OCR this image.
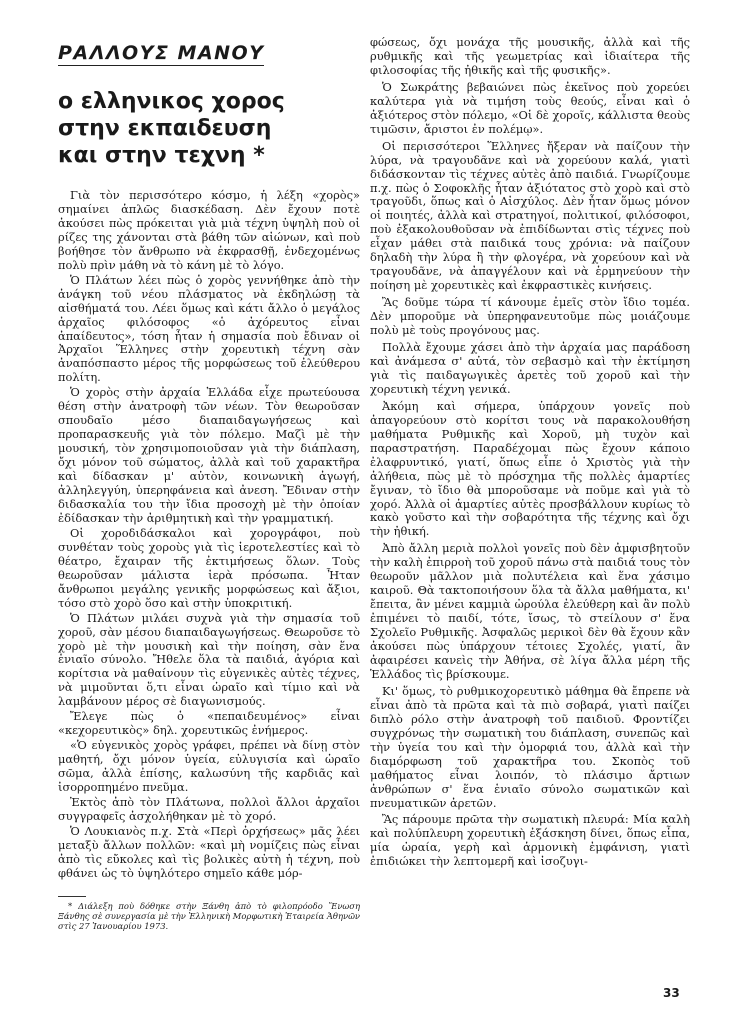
ΡΑΛΛΟΥΣ ΜΑΝΟΥ
ο ελληνικος χορος
στην εκπαιδευση
και στην τεχνη *

Γιὰ τὸν περισσότερο κόσμο, ἡ λέξη «χορὸς» σημαίνει ἁπλῶς διασκέδαση. Δὲν ἔχουν ποτὲ ἀκούσει πὼς πρόκειται γιὰ μιὰ τέχνη ὑψηλὴ ποὺ οἱ ρίζες της χάνονται στὰ βάθη τῶν αἰώνων, καὶ ποὺ βοήθησε τὸν ἄνθρωπο νὰ ἐκφρασθῇ, ἐνδεχομένως πολὺ πρὶν μάθη νὰ τὸ κάνη μὲ τὸ λόγο.

Ὁ Πλάτων λέει πὼς ὁ χορὸς γεννήθηκε ἀπὸ τὴν ἀνάγκη τοῦ νέου πλάσματος νὰ ἐκδηλώσῃ τὰ αἰσθήματά του. Λέει ὅμως καὶ κάτι ἄλλο ὁ μεγάλος ἀρχαῖος φιλόσοφος «ὁ ἀχόρευτος εἶναι ἀπαίδευτος», τόση ἦταν ἡ σημασία ποὺ ἔδιναν οἱ Ἀρχαῖοι Ἕλληνες στὴν χορευτικὴ τέχνη σὰν ἀναπόσπαστο μέρος τῆς μορφώσεως τοῦ ἐλεύθερου πολίτη.

Ὁ χορὸς στὴν ἀρχαία Ἑλλάδα εἶχε πρωτεύουσα θέση στὴν ἀνατροφὴ τῶν νέων. Τὸν θεωροῦσαν σπουδαῖο μέσο διαπαιδαγωγήσεως καὶ προπαρασκευῆς γιὰ τὸν πόλεμο. Μαζὶ μὲ τὴν μουσική, τὸν χρησιμοποιοῦσαν γιὰ τὴν διάπλαση, ὄχι μόνον τοῦ σώματος, ἀλλὰ καὶ τοῦ χαρακτῆρα καὶ δίδασκαν μ' αὐτὸν, κοινωνικὴ ἀγωγή, ἀλληλεγγύη, ὑπερηφάνεια καὶ ἀνεση. Ἔδιναν στὴν διδασκαλία του τὴν ἴδια προσοχὴ μὲ τὴν ὁποίαν ἐδίδασκαν τὴν ἀριθμητικὴ καὶ τὴν γραμματική.

Οἱ χοροδιδάσκαλοι καὶ χορογράφοι, ποὺ συνθέταν τοὺς χοροὺς γιὰ τὶς ἱεροτελεστίες καὶ τὸ θέατρο, ἔχαιραν τῆς ἐκτιμήσεως ὅλων. Τοὺς θεωροῦσαν μάλιστα ἱερὰ πρόσωπα. Ἦταν ἄνθρωποι μεγάλης γενικῆς μορφώσεως καὶ ἄξιοι, τόσο στὸ χορὸ ὅσο καὶ στὴν ὑποκριτική.

Ὁ Πλάτων μιλάει συχνὰ γιὰ τὴν σημασία τοῦ χοροῦ, σὰν μέσου διαπαιδαγωγήσεως. Θεωροῦσε τὸ χορὸ μὲ τὴν μουσικὴ καὶ τὴν ποίηση, σὰν ἕνα ἑνιαῖο σύνολο. Ἤθελε ὅλα τὰ παιδιά, ἀγόρια καὶ κορίτσια νὰ μαθαίνουν τὶς εὐγενικὲς αὐτὲς τέχνες, νὰ μιμοῦνται ὅ,τι εἶναι ὡραῖο καὶ τίμιο καὶ νὰ λαμβάνουν μέρος σὲ διαγωνισμούς.

Ἔλεγε πὼς ὁ «πεπαιδευμένος» εἶναι «κεχορευτικὸς» δηλ. χορευτικῶς ἐνήμερος.

«Ὁ εὐγενικὸς χορὸς γράφει, πρέπει νὰ δίνῃ στὸν μαθητή, ὄχι μόνον ὑγεία, εὐλυγισία καὶ ὡραῖο σῶμα, ἀλλὰ ἐπίσης, καλωσύνη τῆς καρδιᾶς καὶ ἰσορροπημένο πνεῦμα.

Ἐκτὸς ἀπὸ τὸν Πλάτωνα, πολλοὶ ἄλλοι ἀρχαῖοι συγγραφεῖς ἀσχολήθηκαν μὲ τὸ χορό.

Ὁ Λουκιανὸς π.χ. Στὰ «Περὶ ὀρχήσεως» μᾶς λέει μεταξὺ ἄλλων πολλῶν: «καὶ μὴ νομίζεις πὼς εἶναι ἀπὸ τὶς εὔκολες καὶ τὶς βολικὲς αὐτὴ ἡ τέχνη, ποὺ φθάνει ὡς τὸ ὑψηλότερο σημεῖο κάθε μόρ-

* Διάλεξη ποὺ δόθηκε στὴν Ξάνθη ἀπὸ τὸ φιλοπρόοδο Ἕνωση Ξάνθης σὲ συνεργασία μὲ τὴν Ἑλληνικὴ Μορφωτικὴ Ἑταιρεία Ἀθηνῶν στὶς 27 Ἰανουαρίου 1973.

φώσεως, ὄχι μονάχα τῆς μουσικῆς, ἀλλὰ καὶ τῆς ρυθμικῆς καὶ τῆς γεωμετρίας καὶ ἰδιαίτερα τῆς φιλοσοφίας τῆς ἠθικῆς καὶ τῆς φυσικῆς».

Ὁ Σωκράτης βεβαιώνει πὼς ἐκεῖνος ποὺ χορεύει καλύτερα γιὰ νὰ τιμήση τοὺς θεούς, εἶναι καὶ ὁ ἀξιότερος στὸν πόλεμο, «Οἱ δὲ χοροῖς, κάλλιστα θεοὺς τιμῶσιν, ἄριστοι ἐν πολέμῳ».

Οἱ περισσότεροι Ἕλληνες ἤξεραν νὰ παίζουν τὴν λύρα, νὰ τραγουδᾶνε καὶ νὰ χορεύουν καλά, γιατὶ διδάσκονταν τὶς τέχνες αὐτὲς ἀπὸ παιδιά. Γνωρίζουμε π.χ. πὼς ὁ Σοφοκλῆς ἦταν ἀξιότατος στὸ χορὸ καὶ στὸ τραγοῦδι, ὅπως καὶ ὁ Αἰσχύλος. Δὲν ἦταν ὅμως μόνον οἱ ποιητές, ἀλλὰ καὶ στρατηγοί, πολιτικοί, φιλόσοφοι, ποὺ ἐξακολουθοῦσαν νὰ ἐπιδίδωνται στὶς τέχνες ποὺ εἶχαν μάθει στὰ παιδικά τους χρόνια: νὰ παίζουν δηλαδὴ τὴν λύρα ἢ τὴν φλογέρα, νὰ χορεύουν καὶ νὰ τραγουδᾶνε, νὰ ἀπαγγέλουν καὶ νὰ ἑρμηνεύουν τὴν ποίηση μὲ χορευτικὲς καὶ ἐκφραστικὲς κινήσεις.

Ἂς δοῦμε τώρα τί κάνουμε ἐμεῖς στὸν ἴδιο τομέα. Δὲν μποροῦμε νὰ ὑπερηφανευτοῦμε πὼς μοιάζουμε πολὺ μὲ τοὺς προγόνους μας.

Πολλὰ ἔχουμε χάσει ἀπὸ τὴν ἀρχαία μας παράδοση καὶ ἀνάμεσα σ' αὐτά, τὸν σεβασμὸ καὶ τὴν ἐκτίμηση γιὰ τὶς παιδαγωγικὲς ἀρετὲς τοῦ χοροῦ καὶ τὴν χορευτικὴ τέχνη γενικά.

Ἀκόμη καὶ σήμερα, ὑπάρχουν γονεῖς ποὺ ἀπαγορεύουν στὸ κορίτσι τους νὰ παρακολουθήση μαθήματα Ρυθμικῆς καὶ Χοροῦ, μὴ τυχὸν καὶ παραστρατήση. Παραδέχομαι πὼς ἔχουν κάποιο ἐλαφρυντικό, γιατί, ὅπως εἶπε ὁ Χριστὸς γιὰ τὴν ἀλήθεια, πὼς μὲ τὸ πρόσχημα τῆς πολλὲς ἁμαρτίες ἔγιναν, τὸ ἴδιο θὰ μποροῦσαμε νὰ ποῦμε καὶ γιὰ τὸ χορό. Ἀλλὰ οἱ ἁμαρτίες αὐτὲς προσβάλλουν κυρίως τὸ κακὸ γοῦστο καὶ τὴν σοβαρότητα τῆς τέχνης καὶ ὄχι τὴν ἠθική.

Ἀπὸ ἄλλη μεριὰ πολλοὶ γονεῖς ποὺ δὲν ἀμφισβητοῦν τὴν καλὴ ἐπιρροὴ τοῦ χοροῦ πάνω στὰ παιδιά τους τὸν θεωροῦν μᾶλλον μιὰ πολυτέλεια καὶ ἕνα χάσιμο καιροῦ. Θὰ τακτοποιήσουν ὅλα τὰ ἄλλα μαθήματα, κι' ἔπειτα, ἂν μένει καμμιὰ ὡρούλα ἐλεύθερη καὶ ἂν πολὺ ἐπιμένει τὸ παιδί, τότε, ἴσως, τὸ στείλουν σ' ἕνα Σχολεῖο Ρυθμικῆς. Ἀσφαλῶς μερικοὶ δὲν θὰ ἔχουν κἂν ἀκούσει πὼς ὑπάρχουν τέτοιες Σχολές, γιατί, ἂν ἀφαιρέσει κανεὶς τὴν Ἀθήνα, σὲ λίγα ἄλλα μέρη τῆς Ἑλλάδος τὶς βρίσκουμε.

Κι' ὅμως, τὸ ρυθμικοχορευτικὸ μάθημα θὰ ἔπρεπε νὰ εἶναι ἀπὸ τὰ πρῶτα καὶ τὰ πιὸ σοβαρά, γιατὶ παίζει διπλὸ ρόλο στὴν ἀνατροφὴ τοῦ παιδιοῦ. Φροντίζει συγχρόνως τὴν σωματικὴ του διάπλαση, συνεπῶς καὶ τὴν ὑγεία του καὶ τὴν ὀμορφιά του, ἀλλὰ καὶ τὴν διαμόρφωση τοῦ χαρακτῆρα του. Σκοπὸς τοῦ μαθήματος εἶναι λοιπόν, τὸ πλάσιμο ἄρτιων ἀνθρώπων σ' ἕνα ἑνιαῖο σύνολο σωματικῶν καὶ πνευματικῶν ἀρετῶν.

Ἂς πάρουμε πρῶτα τὴν σωματικὴ πλευρά: Μία καλὴ καὶ πολύπλευρη χορευτικὴ ἐξάσκηση δίνει, ὅπως εἶπα, μία ὡραία, γερὴ καὶ ἁρμονικὴ ἐμφάνιση, γιατὶ ἐπιδιώκει τὴν λεπτομερῆ καὶ ἰσοζυγι-

33
